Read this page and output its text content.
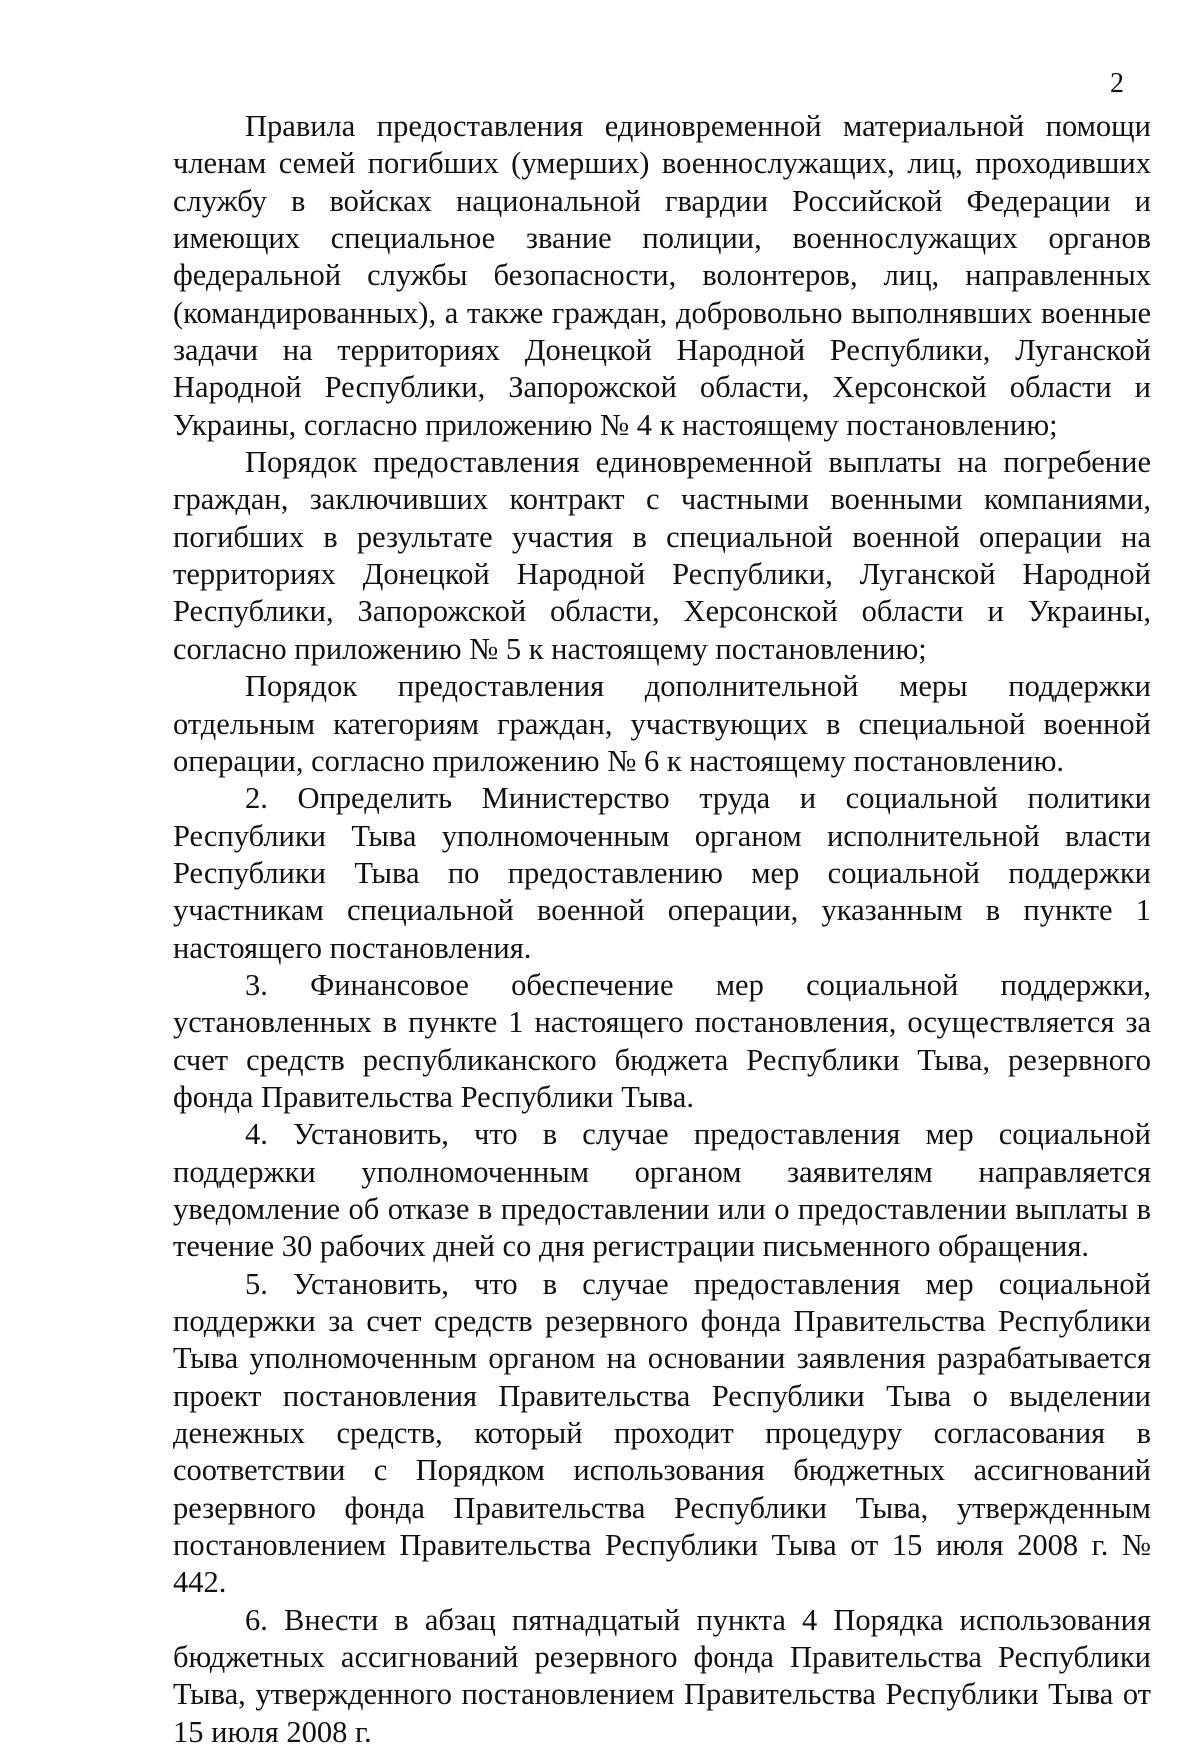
2

Правила предоставления единовременной материальной помощи членам семей погибших (умерших) военнослужащих, лиц, проходивших службу в войсках национальной гвардии Российской Федерации и имеющих специальное звание полиции, военнослужащих органов федеральной службы безопасности, волонтеров, лиц, направленных (командированных), а также граждан, добровольно выполнявших военные задачи на территориях Донецкой Народной Республики, Луганской Народной Республики, Запорожской области, Херсонской области и Украины, согласно приложению № 4 к настоящему постановлению;

Порядок предоставления единовременной выплаты на погребение граждан, заключивших контракт с частными военными компаниями, погибших в результате участия в специальной военной операции на территориях Донецкой Народной Республики, Луганской Народной Республики, Запорожской области, Херсонской области и Украины, согласно приложению № 5 к настоящему постановлению;

Порядок предоставления дополнительной меры поддержки отдельным категориям граждан, участвующих в специальной военной операции, согласно приложению № 6 к настоящему постановлению.

2. Определить Министерство труда и социальной политики Республики Тыва уполномоченным органом исполнительной власти Республики Тыва по предоставлению мер социальной поддержки участникам специальной военной операции, указанным в пункте 1 настоящего постановления.

3. Финансовое обеспечение мер социальной поддержки, установленных в пункте 1 настоящего постановления, осуществляется за счет средств республиканского бюджета Республики Тыва, резервного фонда Правительства Республики Тыва.

4. Установить, что в случае предоставления мер социальной поддержки уполномоченным органом заявителям направляется уведомление об отказе в предоставлении или о предоставлении выплаты в течение 30 рабочих дней со дня регистрации письменного обращения.

5. Установить, что в случае предоставления мер социальной поддержки за счет средств резервного фонда Правительства Республики Тыва уполномоченным органом на основании заявления разрабатывается проект постановления Правительства Республики Тыва о выделении денежных средств, который проходит процедуру согласования в соответствии с Порядком использования бюджетных ассигнований резервного фонда Правительства Республики Тыва, утвержденным постановлением Правительства Республики Тыва от 15 июля 2008 г. № 442.

6. Внести в абзац пятнадцатый пункта 4 Порядка использования бюджетных ассигнований резервного фонда Правительства Республики Тыва, утвержденного постановлением Правительства Республики Тыва от 15 июля 2008 г.
